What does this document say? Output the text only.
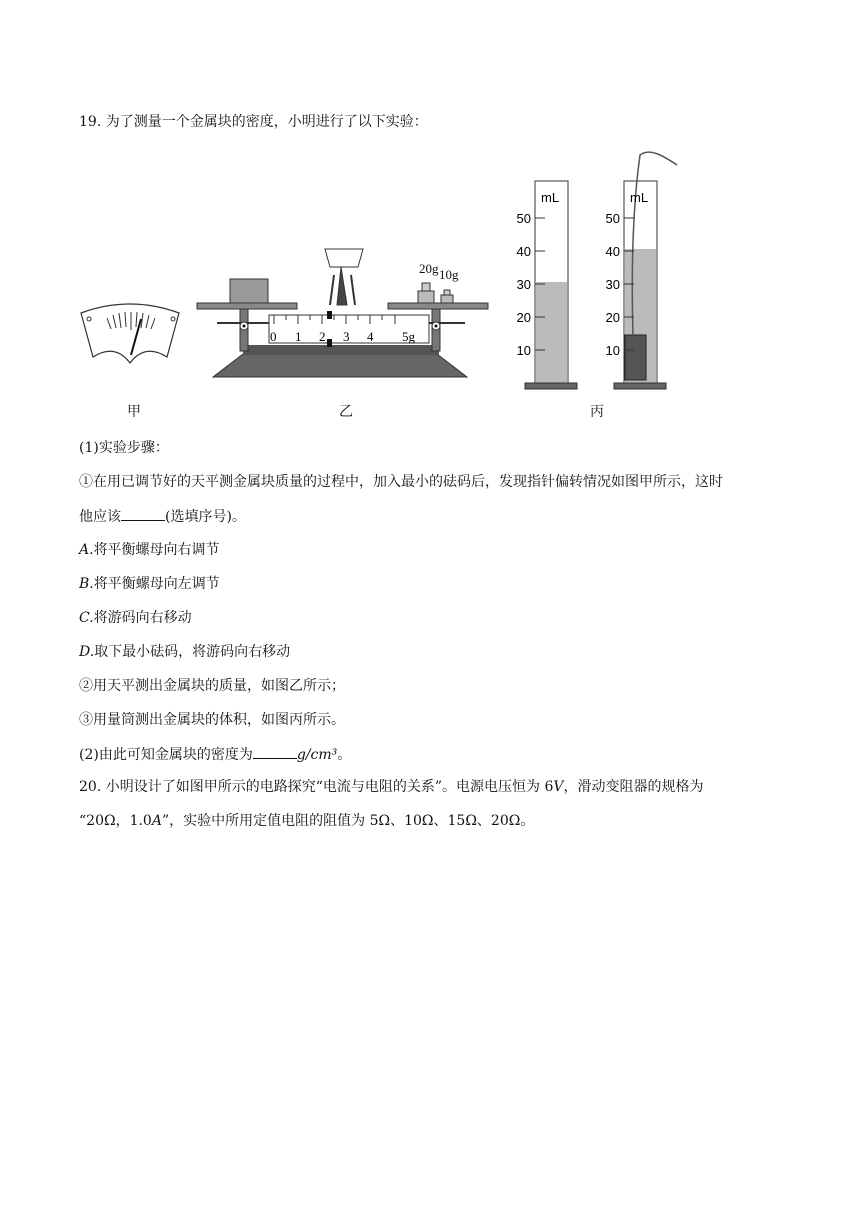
19. 为了测量一个金属块的密度，小明进行了以下实验：
20g 10g
0 1 2 3 4 5g
mL
50
40
30
20
10
mL
50
40
30
20
10
甲	乙	丙
(1)实验步骤：
①在用已调节好的天平测金属块质量的过程中，加入最小的砝码后，发现指针偏转情况如图甲所示，这时
他应该	(选填序号)。
A.将平衡螺母向右调节
B.将平衡螺母向左调节
C.将游码向右移动
D.取下最小砝码，将游码向右移动
②用天平测出金属块的质量，如图乙所示；
③用量筒测出金属块的体积，如图丙所示。
(2)由此可知金属块的密度为	g/cm³。
20. 小明设计了如图甲所示的电路探究“电流与电阻的关系”。电源电压恒为 6V，滑动变阻器的规格为
“20Ω，1.0A”，实验中所用定值电阻的阻值为 5Ω、10Ω、15Ω、20Ω。
